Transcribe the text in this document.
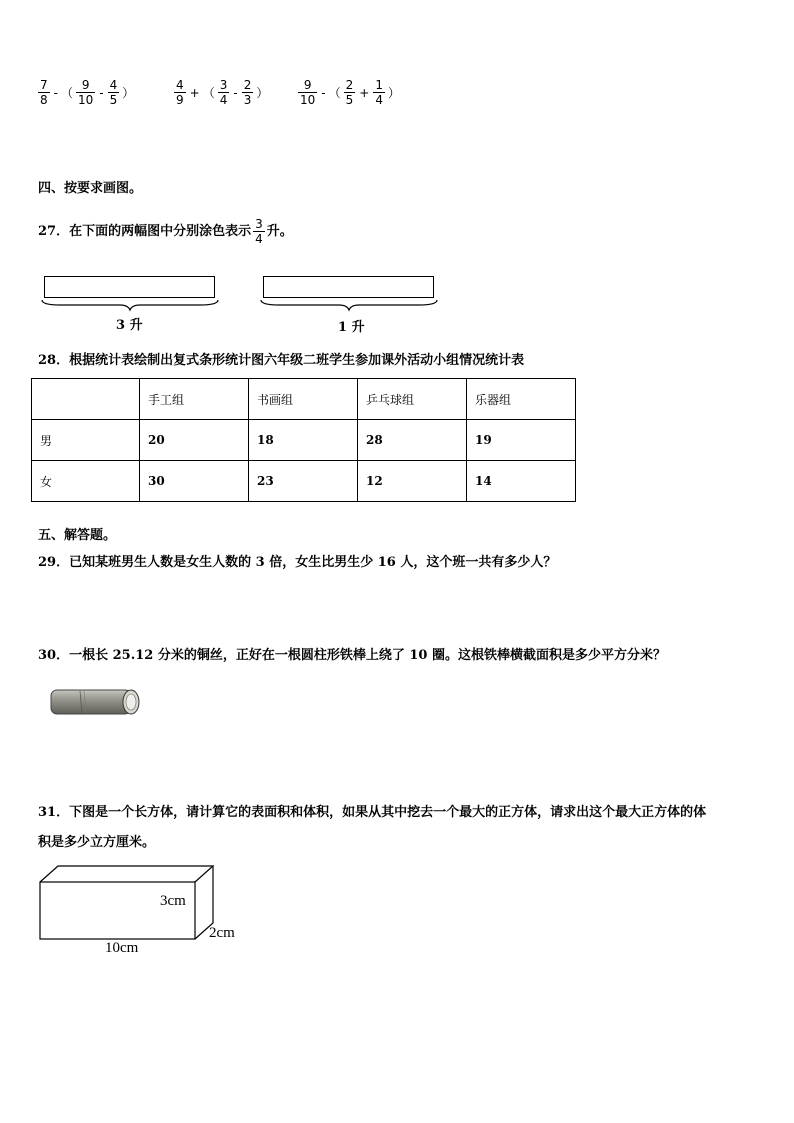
$\frac{7}{8}$ - （ $\frac{9}{10} - \frac{4}{5}$ ）	$\frac{4}{9}$ + （ $\frac{3}{4} - \frac{2}{3}$ ） $\frac{9}{10}$ - （ $\frac{2}{5} + \frac{1}{4}$ ）
四、按要求画图。
27．在下面的两幅图中分别涂色表示 $\frac{3}{4}$ 升。
3 升	1 升
28．根据统计表绘制出复式条形统计图六年级二班学生参加课外活动小组情况统计表
	手工组	书画组	乒乓球组	乐器组
男	20	18	28	19
女	30	23	12	14
五、解答题。
29．已知某班男生人数是女生人数的 3 倍，女生比男生少 16 人，这个班一共有多少人？
30．一根长 25.12 分米的铜丝，正好在一根圆柱形铁棒上绕了 10 圈。这根铁棒横截面积是多少平方分米？
31．下图是一个长方体，请计算它的表面积和体积，如果从其中挖去一个最大的正方体，请求出这个最大正方体的体
积是多少立方厘米。
3cm
2cm
10cm
